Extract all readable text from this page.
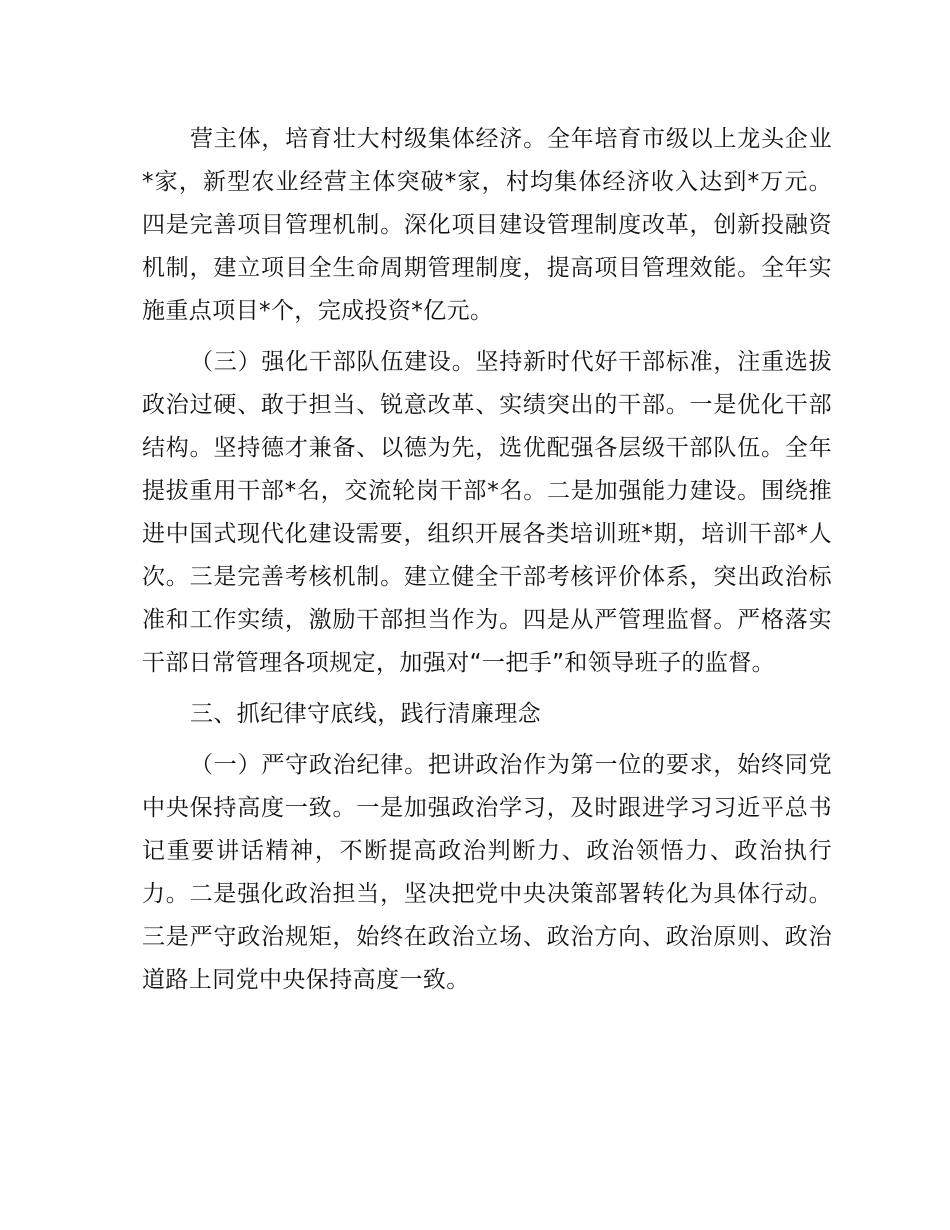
营主体，培育壮大村级集体经济。全年培育市级以上龙头企业*家，新型农业经营主体突破*家，村均集体经济收入达到*万元。四是完善项目管理机制。深化项目建设管理制度改革，创新投融资机制，建立项目全生命周期管理制度，提高项目管理效能。全年实施重点项目*个，完成投资*亿元。

（三）强化干部队伍建设。坚持新时代好干部标准，注重选拔政治过硬、敢于担当、锐意改革、实绩突出的干部。一是优化干部结构。坚持德才兼备、以德为先，选优配强各层级干部队伍。全年提拔重用干部*名，交流轮岗干部*名。二是加强能力建设。围绕推进中国式现代化建设需要，组织开展各类培训班*期，培训干部*人次。三是完善考核机制。建立健全干部考核评价体系，突出政治标准和工作实绩，激励干部担当作为。四是从严管理监督。严格落实干部日常管理各项规定，加强对“一把手”和领导班子的监督。

三、抓纪律守底线，践行清廉理念

（一）严守政治纪律。把讲政治作为第一位的要求，始终同党中央保持高度一致。一是加强政治学习，及时跟进学习习近平总书记重要讲话精神，不断提高政治判断力、政治领悟力、政治执行力。二是强化政治担当，坚决把党中央决策部署转化为具体行动。三是严守政治规矩，始终在政治立场、政治方向、政治原则、政治道路上同党中央保持高度一致。
